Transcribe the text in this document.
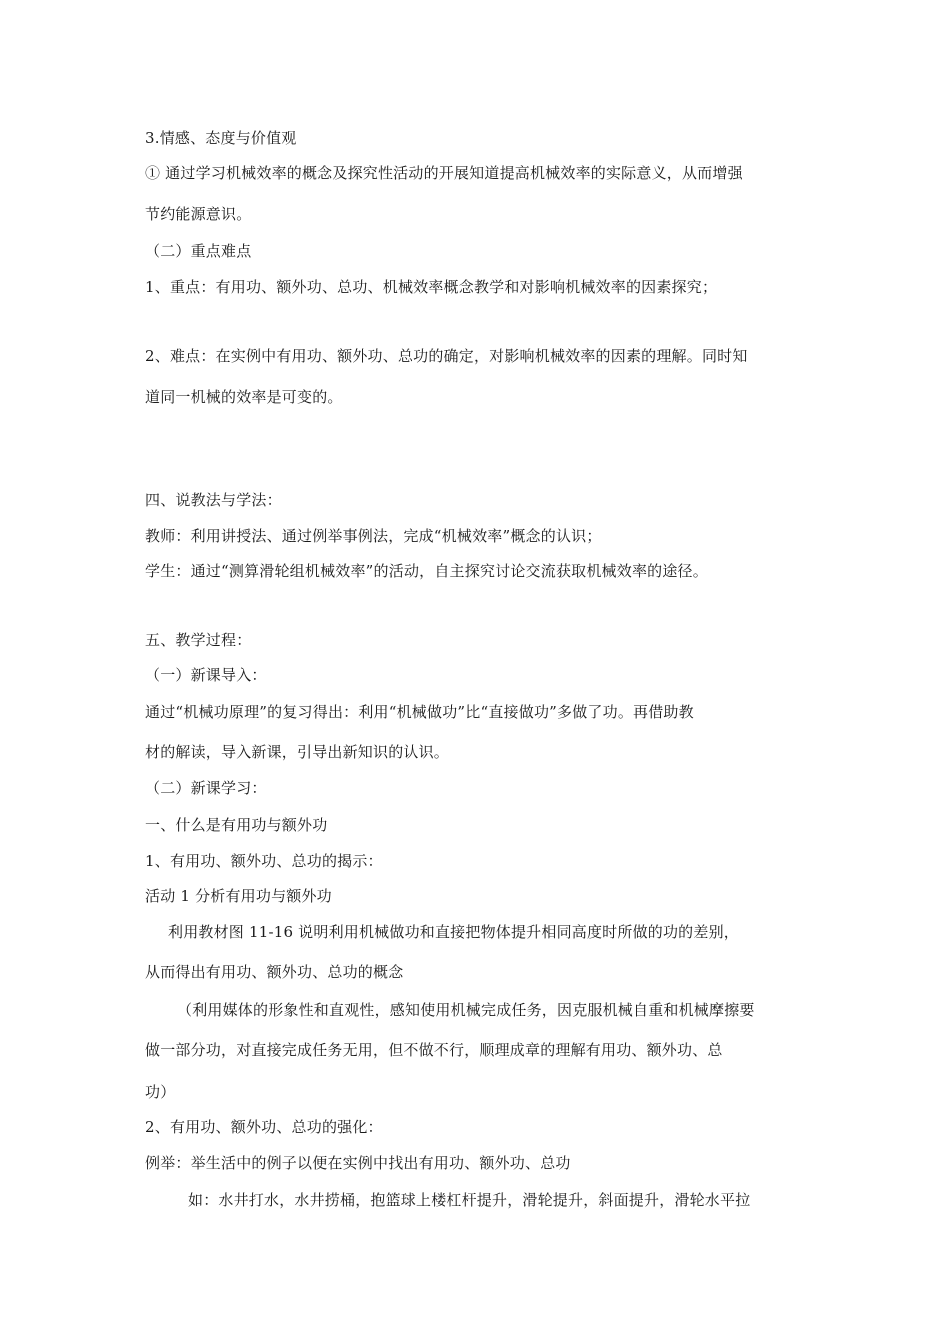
3.情感、态度与价值观
① 通过学习机械效率的概念及探究性活动的开展知道提高机械效率的实际意义，从而增强
节约能源意识。
（二）重点难点
1、重点：有用功、额外功、总功、机械效率概念教学和对影响机械效率的因素探究；
2、难点：在实例中有用功、额外功、总功的确定，对影响机械效率的因素的理解。同时知
道同一机械的效率是可变的。
四、说教法与学法：
教师：利用讲授法、通过例举事例法，完成“机械效率”概念的认识；
学生：通过“测算滑轮组机械效率”的活动，自主探究讨论交流获取机械效率的途径。
五、教学过程：
（一）新课导入：
通过“机械功原理”的复习得出：利用“机械做功”比“直接做功”多做了功。再借助教
材的解读，导入新课，引导出新知识的认识。
（二）新课学习：
一、什么是有用功与额外功
1、有用功、额外功、总功的揭示：
活动 1 分析有用功与额外功
利用教材图 11-16 说明利用机械做功和直接把物体提升相同高度时所做的功的差别，
从而得出有用功、额外功、总功的概念
（利用媒体的形象性和直观性，感知使用机械完成任务，因克服机械自重和机械摩擦要
做一部分功，对直接完成任务无用，但不做不行，顺理成章的理解有用功、额外功、总
功）
2、有用功、额外功、总功的强化：
例举：举生活中的例子以便在实例中找出有用功、额外功、总功
如：水井打水，水井捞桶，抱篮球上楼杠杆提升，滑轮提升，斜面提升，滑轮水平拉
